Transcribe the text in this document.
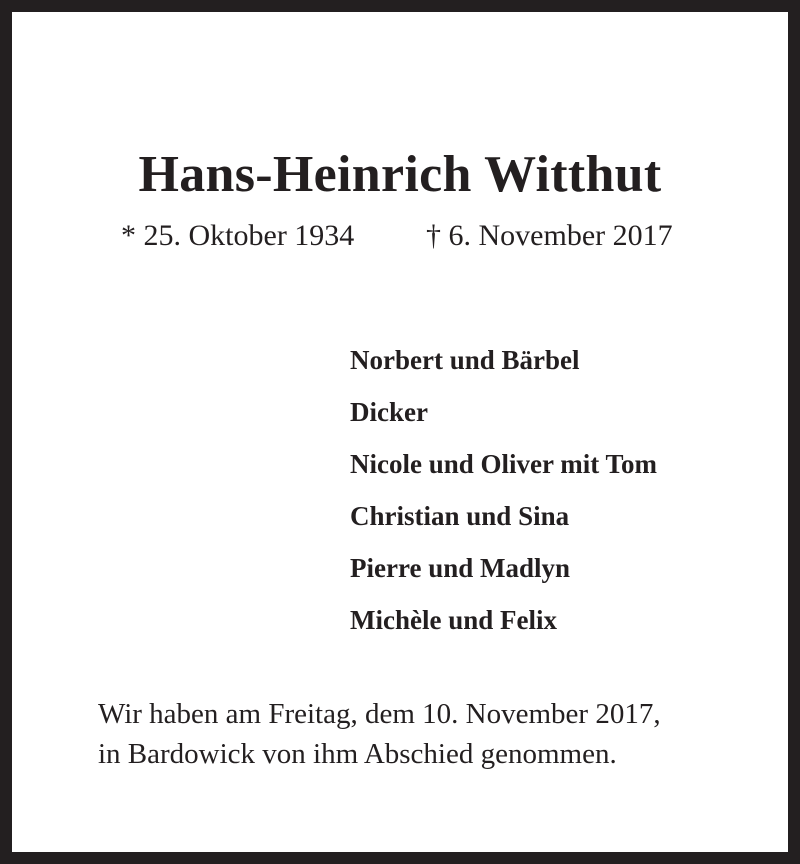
Hans-Heinrich Witthut
* 25. Oktober 1934 † 6. November 2017
Norbert und Bärbel
Dicker
Nicole und Oliver mit Tom
Christian und Sina
Pierre und Madlyn
Michèle und Felix
Wir haben am Freitag, dem 10. November 2017,
in Bardowick von ihm Abschied genommen.
